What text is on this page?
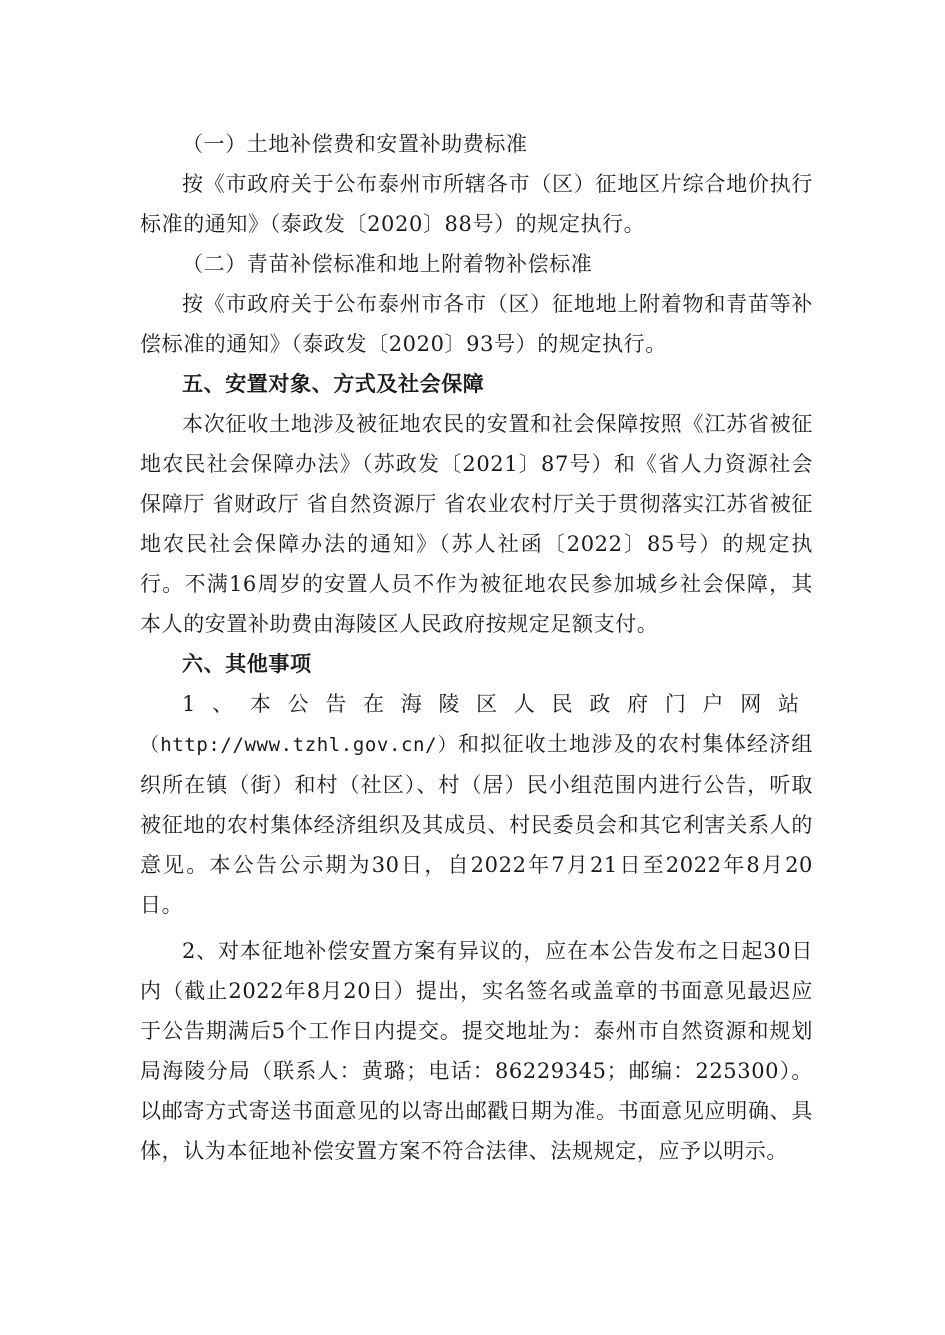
（一）土地补偿费和安置补助费标准

按《市政府关于公布泰州市所辖各市（区）征地区片综合地价执行标准的通知》（泰政发〔2020〕88号）的规定执行。

（二）青苗补偿标准和地上附着物补偿标准

按《市政府关于公布泰州市各市（区）征地地上附着物和青苗等补偿标准的通知》（泰政发〔2020〕93号）的规定执行。

五、安置对象、方式及社会保障

本次征收土地涉及被征地农民的安置和社会保障按照《江苏省被征地农民社会保障办法》（苏政发〔2021〕87号）和《省人力资源社会保障厅 省财政厅 省自然资源厅 省农业农村厅关于贯彻落实江苏省被征地农民社会保障办法的通知》（苏人社函〔2022〕85号）的规定执行。不满16周岁的安置人员不作为被征地农民参加城乡社会保障，其本人的安置补助费由海陵区人民政府按规定足额支付。

六、其他事项

1、本公告在海陵区人民政府门户网站（http://www.tzhl.gov.cn/）和拟征收土地涉及的农村集体经济组织所在镇（街）和村（社区）、村（居）民小组范围内进行公告，听取被征地的农村集体经济组织及其成员、村民委员会和其它利害关系人的意见。本公告公示期为30日，自2022年7月21日至2022年8月20日。

2、对本征地补偿安置方案有异议的，应在本公告发布之日起30日内（截止2022年8月20日）提出，实名签名或盖章的书面意见最迟应于公告期满后5个工作日内提交。提交地址为：泰州市自然资源和规划局海陵分局（联系人：黄璐；电话：86229345；邮编：225300）。以邮寄方式寄送书面意见的以寄出邮戳日期为准。书面意见应明确、具体，认为本征地补偿安置方案不符合法律、法规规定，应予以明示。
